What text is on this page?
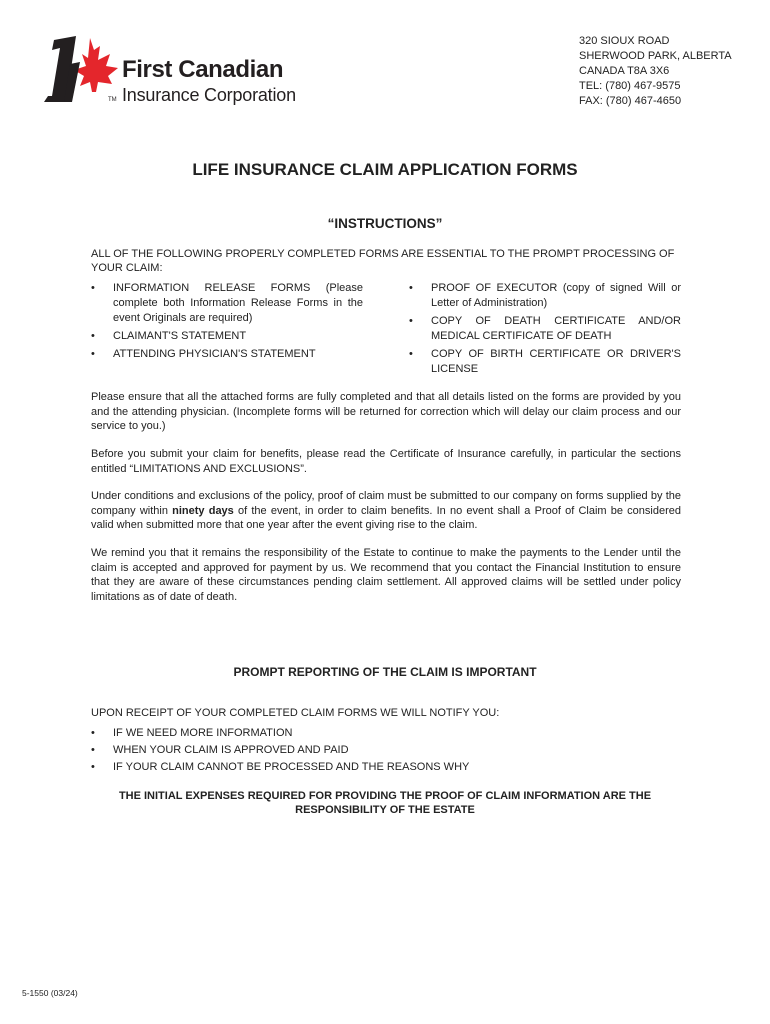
First Canadian
TM Insurance Corporation
320 SIOUX ROAD
SHERWOOD PARK, ALBERTA
CANADA T8A 3X6
TEL: (780) 467-9575
FAX: (780) 467-4650
LIFE INSURANCE CLAIM APPLICATION FORMS
“INSTRUCTIONS”
ALL OF THE FOLLOWING PROPERLY COMPLETED FORMS ARE ESSENTIAL TO THE PROMPT PROCESSING OF YOUR CLAIM:
•	INFORMATION RELEASE FORMS (Please complete both Information Release Forms in the event Originals are required)
•	CLAIMANT'S STATEMENT
•	ATTENDING PHYSICIAN'S STATEMENT
•	PROOF OF EXECUTOR (copy of signed Will or Letter of Administration)
•	COPY OF DEATH CERTIFICATE AND/OR MEDICAL CERTIFICATE OF DEATH
•	COPY OF BIRTH CERTIFICATE OR DRIVER'S LICENSE
Please ensure that all the attached forms are fully completed and that all details listed on the forms are provided by you and the attending physician. (Incomplete forms will be returned for correction which will delay our claim process and our service to you.)
Before you submit your claim for benefits, please read the Certificate of Insurance carefully, in particular the sections entitled “LIMITATIONS AND EXCLUSIONS”.
Under conditions and exclusions of the policy, proof of claim must be submitted to our company on forms supplied by the company within ninety days of the event, in order to claim benefits. In no event shall a Proof of Claim be considered valid when submitted more that one year after the event giving rise to the claim.
We remind you that it remains the responsibility of the Estate to continue to make the payments to the Lender until the claim is accepted and approved for payment by us. We recommend that you contact the Financial Institution to ensure that they are aware of these circumstances pending claim settlement. All approved claims will be settled under policy limitations as of date of death.
PROMPT REPORTING OF THE CLAIM IS IMPORTANT
UPON RECEIPT OF YOUR COMPLETED CLAIM FORMS WE WILL NOTIFY YOU:
•	IF WE NEED MORE INFORMATION
•	WHEN YOUR CLAIM IS APPROVED AND PAID
•	IF YOUR CLAIM CANNOT BE PROCESSED AND THE REASONS WHY
THE INITIAL EXPENSES REQUIRED FOR PROVIDING THE PROOF OF CLAIM INFORMATION ARE THE
RESPONSIBILITY OF THE ESTATE
5-1550 (03/24)
